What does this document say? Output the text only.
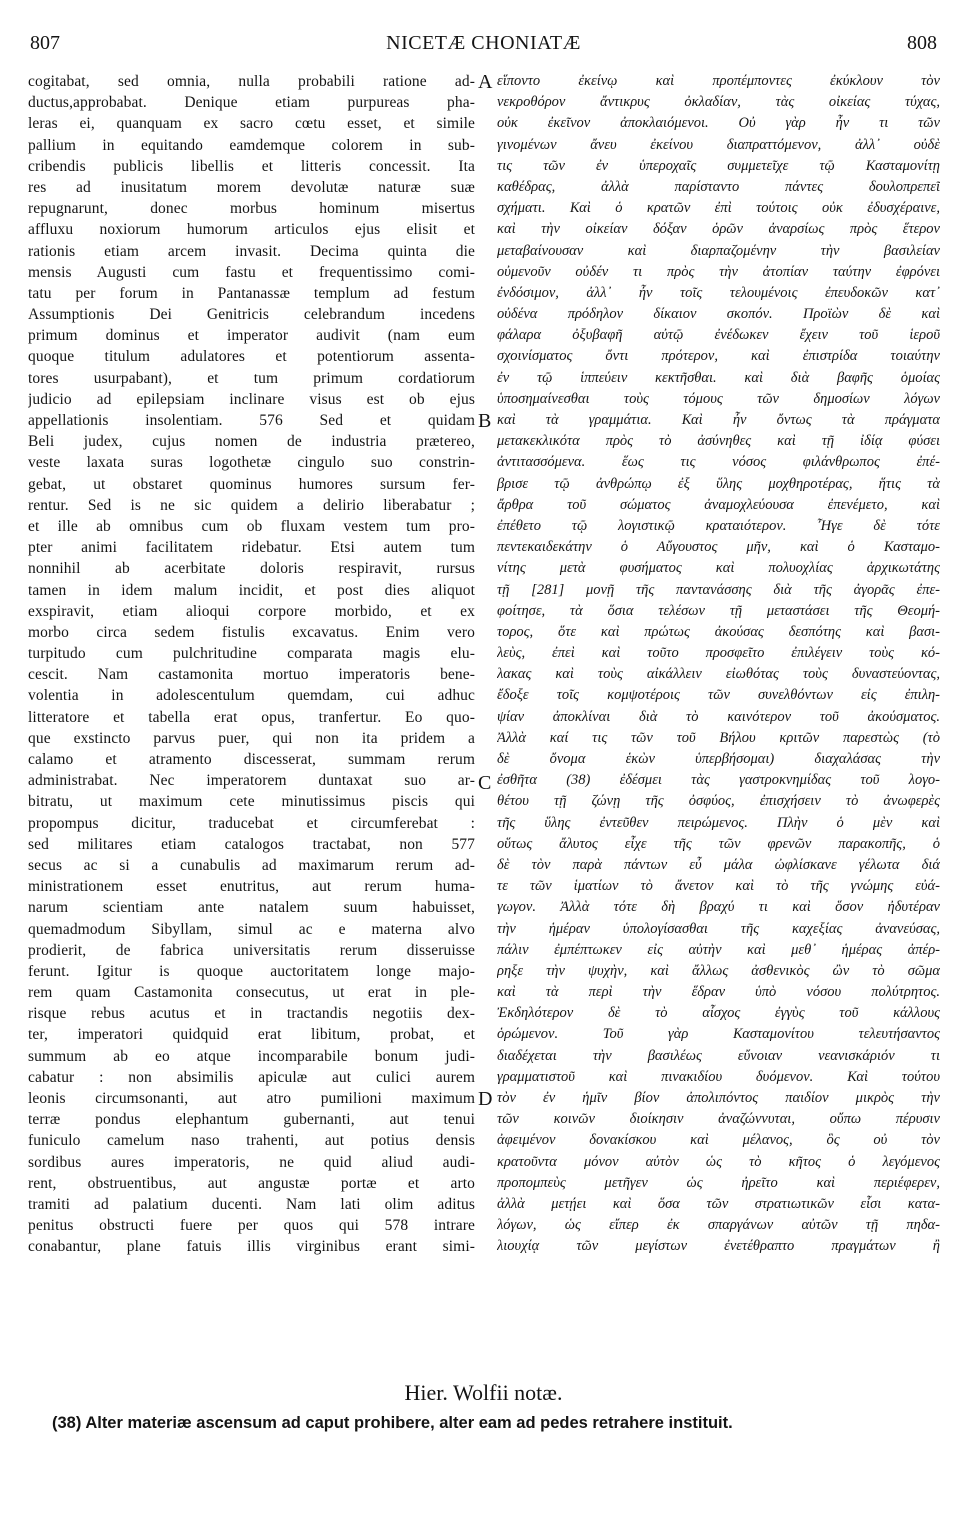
807	NICETÆ CHONIATÆ	808
cogitabat, sed omnia, nulla probabili ratione ad-
ductus,approbabat. Denique etiam purpureas pha-
leras ei, quanquam ex sacro cœtu esset, et simile
pallium in equitando eamdemque colorem in sub-
cribendis publicis libellis et litteris concessit. Ita
res ad inusitatum morem devolutæ naturæ suæ
repugnarunt, donec morbus hominum misertus
affluxu noxiorum humorum articulos ejus elisit et
rationis etiam arcem invasit. Decima quinta die
mensis Augusti cum fastu et frequentissimo comi-
tatu per forum in Pantanassæ templum ad festum
Assumptionis Dei Genitricis celebrandum incedens
primum dominus et imperator audivit (nam eum
quoque titulum adulatores et potentiorum assenta-
tores usurpabant), et tum primum cordatiorum
judicio ad epilepsiam inclinare visus est ob ejus
appellationis insolentiam. 576 Sed et quidam
Beli judex, cujus nomen de industria prætereo,
veste laxata suras logothetæ cingulo suo constrin-
gebat, ut obstaret quominus humores sursum fer-
rentur. Sed is ne sic quidem a delirio liberabatur ;
et ille ab omnibus cum ob fluxam vestem tum pro-
pter animi facilitatem ridebatur. Etsi autem tum
nonnihil ab acerbitate doloris respiravit, rursus
tamen in idem malum incidit, et post dies aliquot
exspiravit, etiam alioqui corpore morbido, et ex
morbo circa sedem fistulis excavatus. Enim vero
turpitudo cum pulchritudine comparata magis elu-
cescit. Nam castamonita mortuo imperatoris bene-
volentia in adolescentulum quemdam, cui adhuc
litteratore et tabella erat opus, tranfertur. Eo quo-
que exstincto parvus puer, qui non ita pridem a
calamo et atramento discesserat, summam rerum
administrabat. Nec imperatorem duntaxat suo ar-
bitratu, ut maximum cete minutissimus piscis qui
propompus dicitur, traducebat et circumferebat :
sed militares etiam catalogos tractabat, non 577
secus ac si a cunabulis ad maximarum rerum ad-
ministrationem esset enutritus, aut rerum huma-
narum scientiam ante natalem suum habuisset,
quemadmodum Sibyllam, simul ac e materna alvo
prodierit, de fabrica universitatis rerum disseruisse
ferunt. Igitur is quoque auctoritatem longe majo-
rem quam Castamonita consecutus, ut erat in ple-
risque rebus acutus et in tractandis negotiis dex-
ter, imperatori quidquid erat libitum, probat, et
summum ab eo atque incomparabile bonum judi-
cabatur : non absimilis apiculæ aut culici aurem
leonis circumsonanti, aut atro pumilioni maximum
terræ pondus elephantum gubernanti, aut tenui
funiculo camelum naso trahenti, aut potius densis
sordibus aures imperatoris, ne quid aliud audi-
rent, obstruentibus, aut angustæ portæ et arto
tramiti ad palatium ducenti. Nam lati olim aditus
penitus obstructi fuere per quos qui 578 intrare
conabantur, plane fatuis illis virginibus erant simi-
εἵποντο ἐκείνῳ καὶ προπέμποντες ἐκύκλουν τὸν
νεκροθόρον ἄντικρυς ὀκλαδίαν, τὰς οἰκείας τύχας,
οὐκ ἐκεῖνον ἀποκλαιόμενοι. Οὐ γὰρ ἦν τι τῶν
γινομένων ἄνευ ἐκείνου διαπραττόμενον, ἀλλ᾽ οὐδὲ
τις τῶν ἐν ὑπεροχαῖς συμμετεῖχε τῷ Κασταμονίτῃ
καθέδρας, ἀλλὰ παρίσταντο πάντες δουλοπρεπεῖ
σχήματι. Καὶ ὁ κρατῶν ἐπὶ τούτοις οὐκ ἐδυσχέραινε,
καὶ τὴν οἰκείαν δόξαν ὁρῶν ἀναρσίως πρὸς ἕτερον
μεταβαίνουσαν καὶ διαρπαζομένην τὴν βασιλείαν
οὐμενοῦν οὐδέν τι πρὸς τὴν ἀτοπίαν ταύτην ἐφρόνει
ἐνδόσιμον, ἀλλ᾽ ἦν τοῖς τελουμένοις ἐπευδοκῶν κατ᾽
οὐδένα πρόδηλον δίκαιον σκοπόν. Προϊὼν δὲ καὶ
φάλαρα ὀξυβαφῆ αὐτῷ ἐνέδωκεν ἔχειν τοῦ ἱεροῦ
σχοινίσματος ὄντι πρότερον, καὶ ἐπιστρίδα τοιαύτην
ἐν τῷ ἱππεύειν κεκτῆσθαι. καὶ διὰ βαφῆς ὁμοίας
ὑποσημαίνεσθαι τοὺς τόμους τῶν δημοσίων λόγων
καὶ τὰ γραμμάτια. Καὶ ἦν ὄντως τὰ πράγματα
μετακεκλικότα πρὸς τὸ ἀσύνηθες καὶ τῇ ἰδίᾳ φύσει
ἀντιτασσόμενα. ἕως τις νόσος φιλάνθρωπος ἐπέ-
βρισε τῷ ἀνθρώπῳ ἐξ ὕλης μοχθηροτέρας, ἥτις τὰ
ἄρθρα τοῦ σώματος ἀναμοχλεύουσα ἐπενέμετο, καὶ
ἐπέθετο τῷ λογιστικῷ κραταιότερον. Ἦγε δὲ τότε
πεντεκαιδεκάτην ὁ Αὔγουστος μῆν, καὶ ὁ Κασταμο-
νίτης μετὰ φυσήματος καὶ πολυοχλίας ἀρχικωτάτης
τῇ [281] μονῇ τῆς παντανάσσης διὰ τῆς ἀγορᾶς ἐπε-
φοίτησε, τὰ ὅσια τελέσων τῇ μεταστάσει τῆς Θεομή-
τορος, ὅτε καὶ πρώτως ἀκούσας δεσπότης καὶ βασι-
λεὺς, ἐπεὶ καὶ τοῦτο προσφεῖτο ἐπιλέγειν τοὺς κό-
λακας καὶ τοὺς αἰκάλλειν εἰωθότας τοὺς δυναστεύοντας,
ἔδοξε τοῖς κομψοτέροις τῶν συνελθόντων εἰς ἐπιλη-
ψίαν ἀποκλίναι διὰ τὸ καινότερον τοῦ ἀκούσματος.
Ἀλλὰ καί τις τῶν τοῦ Βήλου κριτῶν παρεστὼς (τὸ
δὲ ὄνομα ἑκὼν ὑπερβήσομαι) διαχαλάσας τὴν
ἐσθῆτα (38) ἐδέσμει τὰς γαστροκνημίδας τοῦ λογο-
θέτου τῇ ζώνῃ τῆς ὀσφύος, ἐπισχήσειν τὸ ἀνωφερὲς
τῆς ὕλης ἐντεῦθεν πειρώμενος. Πλὴν ὁ μὲν καὶ
οὕτως ἄλυτος εἶχε τῆς τῶν φρενῶν παρακοπῆς, ὁ
δὲ τὸν παρὰ πάντων εὖ μάλα ὠφλίσκανε γέλωτα διά
τε τῶν ἱματίων τὸ ἄνετον καὶ τὸ τῆς γνώμης εὐά-
γωγον. Ἀλλὰ τότε δὴ βραχύ τι καὶ ὅσον ἠδυτέραν
τὴν ἡμέραν ὑπολογίσασθαι τῆς καχεξίας ἀνανεύσας,
πάλιν ἐμπέπτωκεν εἰς αὐτὴν καὶ μεθ᾽ ἡμέρας ἀπέρ-
ρηξε τὴν ψυχὴν, καὶ ἄλλως ἀσθενικὸς ὢν τὸ σῶμα
καὶ τὰ περὶ τὴν ἕδραν ὑπὸ νόσου πολύτρητος.
Ἐκδηλότερον δὲ τὸ αἶσχος ἐγγὺς τοῦ κάλλους
ὁρώμενον. Τοῦ γὰρ Κασταμονίτου τελευτήσαντος
διαδέχεται τὴν βασιλέως εὔνοιαν νεανισκάριόν τι
γραμματιστοῦ καὶ πινακιδίου δυόμενον. Καὶ τούτου
τὸν ἐν ἡμῖν βίον ἀπολιπόντος παιδίον μικρὸς τὴν
τῶν κοινῶν διοίκησιν ἀναζώννυται, οὔπω πέρυσιν
ἀφειμένον δονακίσκου καὶ μέλανος, ὃς οὐ τὸν
κρατοῦντα μόνον αὐτὸν ὡς τὸ κῆτος ὁ λεγόμενος
προπομπεὺς μετῆγεν ὡς ἠρεῖτο καὶ περιέφερεν,
ἀλλὰ μετῄει καὶ ὅσα τῶν στρατιωτικῶν εἶσι κατα-
λόγων, ὡς εἴπερ ἐκ σπαργάνων αὐτῶν τῇ πηδα-
λιουχίᾳ τῶν μεγίστων ἐνετέθραπτο πραγμάτων ἢ
A
B
C
D
Hier. Wolfii notæ.
(38) Alter materiæ ascensum ad caput prohibere, alter eam ad pedes retrahere instituit.
